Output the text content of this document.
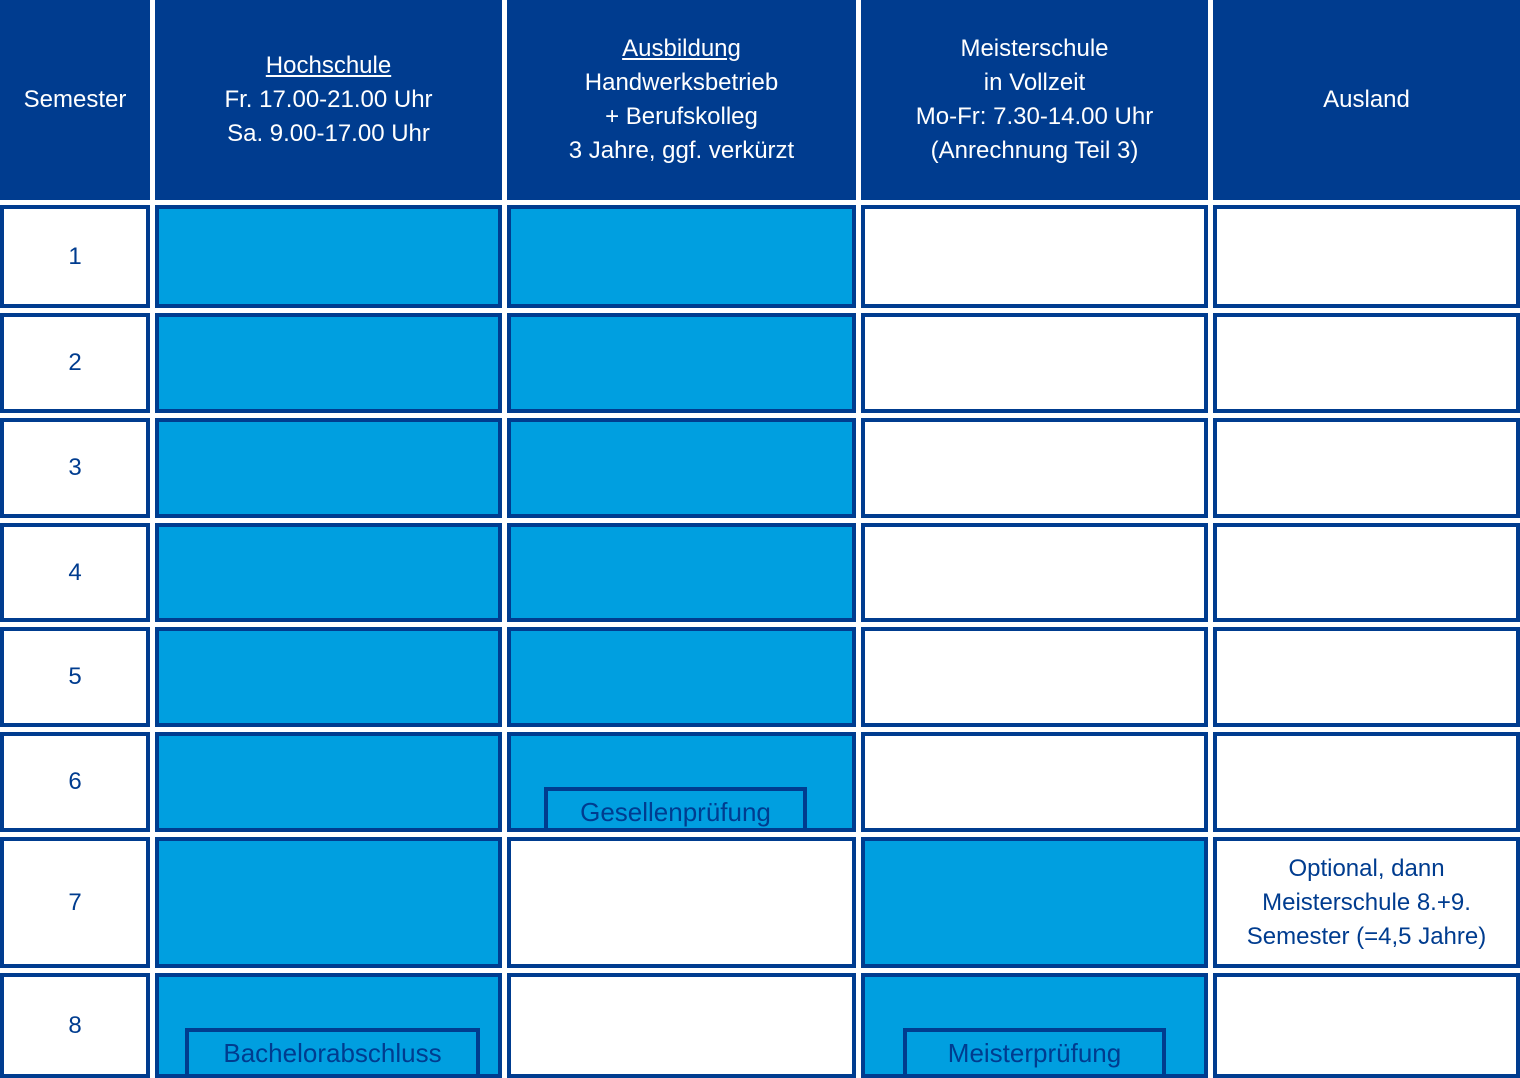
Semester
Hochschule
Fr. 17.00-21.00 Uhr
Sa. 9.00-17.00 Uhr
Ausbildung
Handwerksbetrieb
+ Berufskolleg
3 Jahre, ggf. verkürzt
Meisterschule
in Vollzeit
Mo-Fr: 7.30-14.00 Uhr
(Anrechnung Teil 3)
Ausland
1
2
3
4
5
6
7
Optional, dann
Meisterschule 8.+9.
Semester (=4,5 Jahre)
8
Gesellenprüfung
Bachelorabschluss	Meisterprüfung
